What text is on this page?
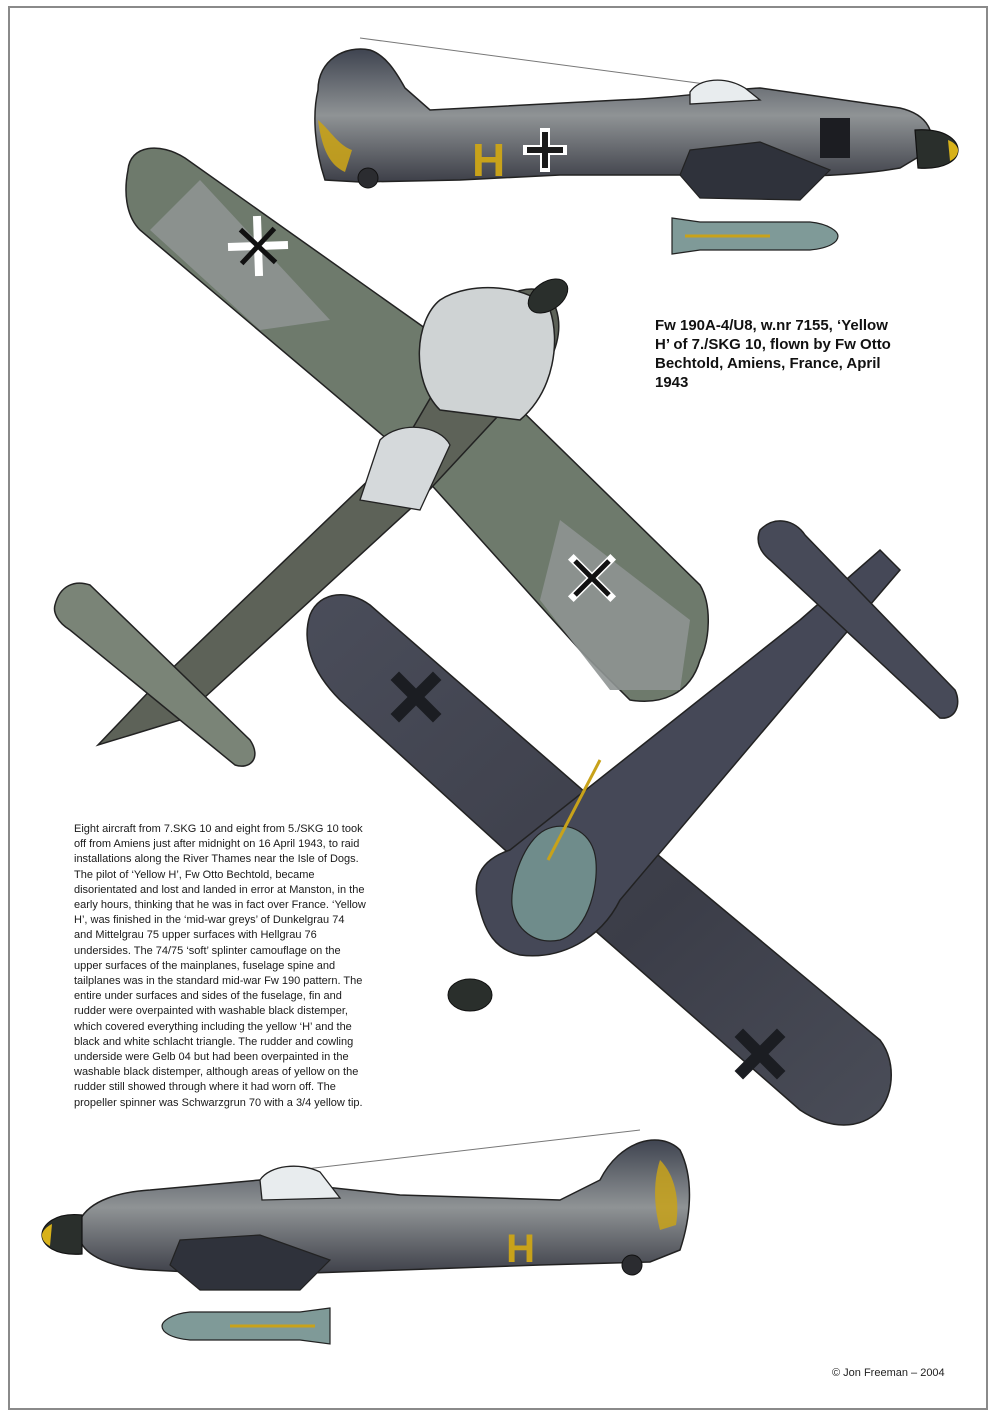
H
H
Fw 190A-4/U8, w.nr 7155, ‘Yellow
H’ of 7./SKG 10, flown by Fw Otto
Bechtold, Amiens, France, April
1943
Eight aircraft from 7.SKG 10 and eight from 5./SKG 10 took
off from Amiens just after midnight on 16 April 1943, to raid
installations along the River Thames near the Isle of Dogs.
The pilot of ‘Yellow H’, Fw Otto Bechtold, became
disorientated and lost and landed in error at Manston, in the
early hours, thinking that he was in fact over France. ‘Yellow
H’, was finished in the ‘mid-war greys’ of Dunkelgrau 74
and Mittelgrau 75 upper surfaces with Hellgrau 76
undersides. The 74/75 ‘soft’ splinter camouflage on the
upper surfaces of the mainplanes, fuselage spine and
tailplanes was in the standard mid-war Fw 190 pattern. The
entire under surfaces and sides of the fuselage, fin and
rudder were overpainted with washable black distemper,
which covered everything including the yellow ‘H’ and the
black and white schlacht triangle. The rudder and cowling
underside were Gelb 04 but had been overpainted in the
washable black distemper, although areas of yellow on the
rudder still showed through where it had worn off. The
propeller spinner was Schwarzgrun 70 with a 3/4 yellow tip.
© Jon Freeman – 2004
